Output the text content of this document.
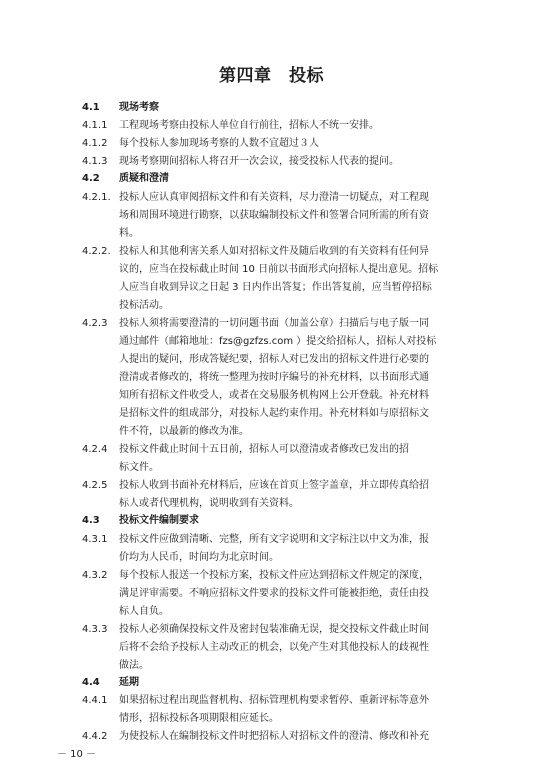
第四章　投标
4.1 现场考察
4.1.1 工程现场考察由投标人单位自行前往，招标人不统一安排。
4.1.2 每个投标人参加现场考察的人数不宜超过３人
4.1.3 现场考察期间招标人将召开一次会议，接受投标人代表的提问。
4.2 质疑和澄清
4.2.1. 投标人应认真审阅招标文件和有关资料，尽力澄清一切疑点，对工程现
场和周围环境进行勘察，以获取编制投标文件和签署合同所需的所有资
料。
4.2.2. 投标人和其他利害关系人如对招标文件及随后收到的有关资料有任何异
议的，应当在投标截止时间 10 日前以书面形式向招标人提出意见。招标
人应当自收到异议之日起 3 日内作出答复；作出答复前，应当暂停招标
投标活动。
4.2.3 投标人须将需要澄清的一切问题书面（加盖公章）扫描后与电子版一同
通过邮件（邮箱地址：fzs@gzfzs.com ）提交给招标人，招标人对投标
人提出的疑问，形成答疑纪要，招标人对已发出的招标文件进行必要的
澄清或者修改的，将统一整理为按时序编号的补充材料，以书面形式通
知所有招标文件收受人，或者在交易服务机构网上公开登载。补充材料
是招标文件的组成部分，对投标人起约束作用。补充材料如与原招标文
件不符，以最新的修改为准。
4.2.4 投标文件截止时间十五日前，招标人可以澄清或者修改已发出的招
标文件。
4.2.5 投标人收到书面补充材料后，应该在首页上签字盖章，并立即传真给招
标人或者代理机构，说明收到有关资料。
4.3 投标文件编制要求
4.3.1 投标文件应做到清晰、完整，所有文字说明和文字标注以中文为准，报
价均为人民币，时间均为北京时间。
4.3.2 每个投标人报送一个投标方案，投标文件应达到招标文件规定的深度，
满足评审需要。不响应招标文件要求的投标文件可能被拒绝，责任由投
标人自负。
4.3.3 投标人必须确保投标文件及密封包装准确无误，提交投标文件截止时间
后将不会给予投标人主动改正的机会，以免产生对其他投标人的歧视性
做法。
4.4 延期
4.4.1 如果招标过程出现监督机构、招标管理机构要求暂停、重新评标等意外
情形，招标投标各项期限相应延长。
4.4.2 为使投标人在编制投标文件时把招标人对招标文件的澄清、修改和补充
－ 10 －
